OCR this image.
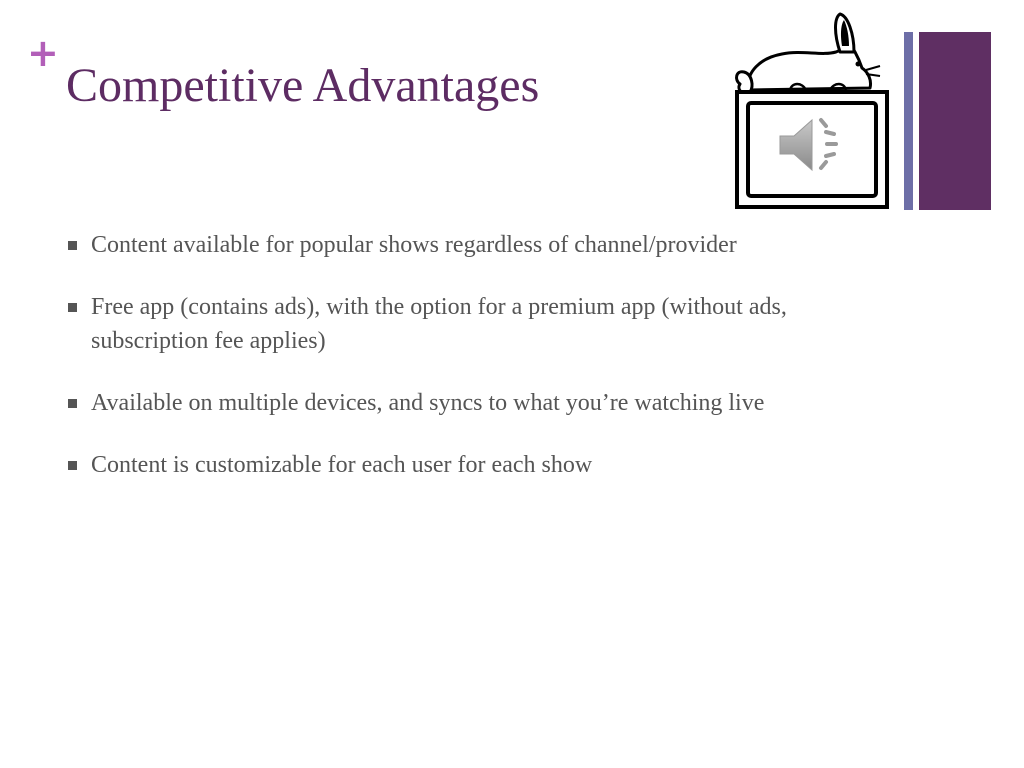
+
Competitive Advantages
Content available for popular shows regardless of channel/provider
Free app (contains ads), with the option for a premium app (without ads, subscription fee applies)
Available on multiple devices, and syncs to what you’re watching live
Content is customizable for each user for each show
